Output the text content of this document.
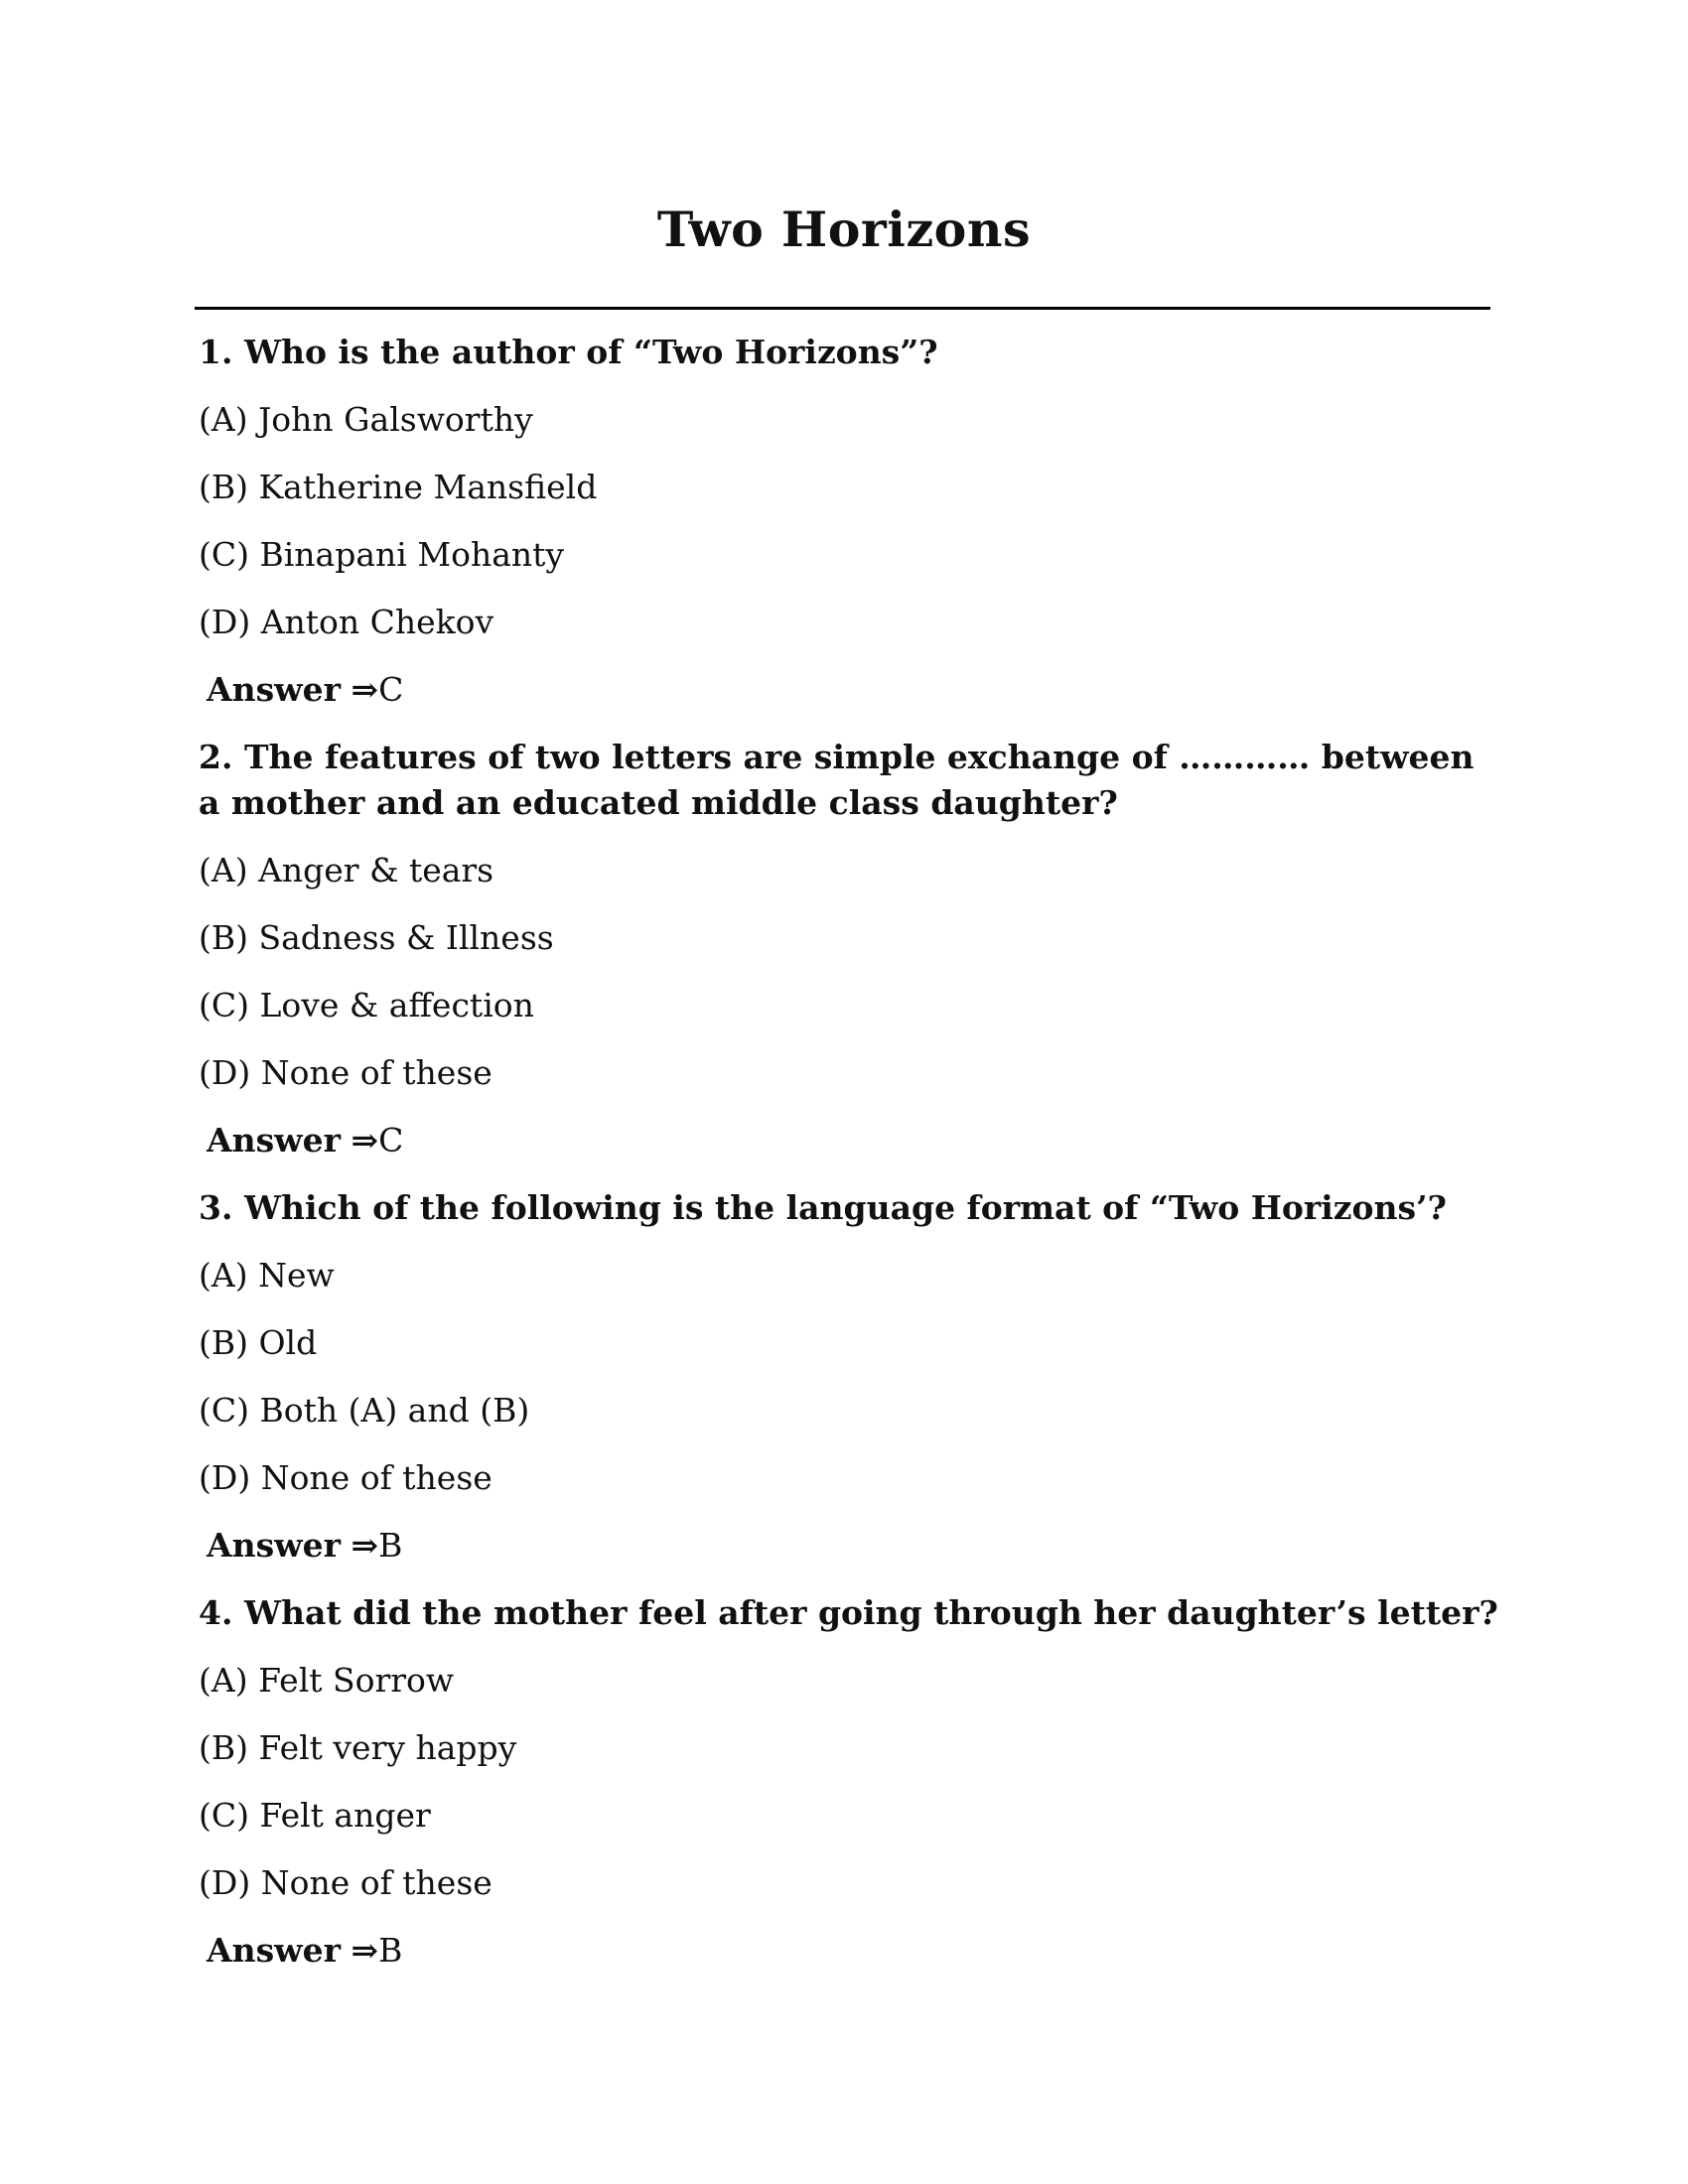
Two Horizons
1. Who is the author of “Two Horizons”?
(A) John Galsworthy
(B) Katherine Mansfield
(C) Binapani Mohanty
(D) Anton Chekov
Answer ⇒C
2. The features of two letters are simple exchange of ………… between a mother and an educated middle class daughter?
(A) Anger & tears
(B) Sadness & Illness
(C) Love & affection
(D) None of these
Answer ⇒C
3. Which of the following is the language format of “Two Horizons’?
(A) New
(B) Old
(C) Both (A) and (B)
(D) None of these
Answer ⇒B
4. What did the mother feel after going through her daughter’s letter?
(A) Felt Sorrow
(B) Felt very happy
(C) Felt anger
(D) None of these
Answer ⇒B
